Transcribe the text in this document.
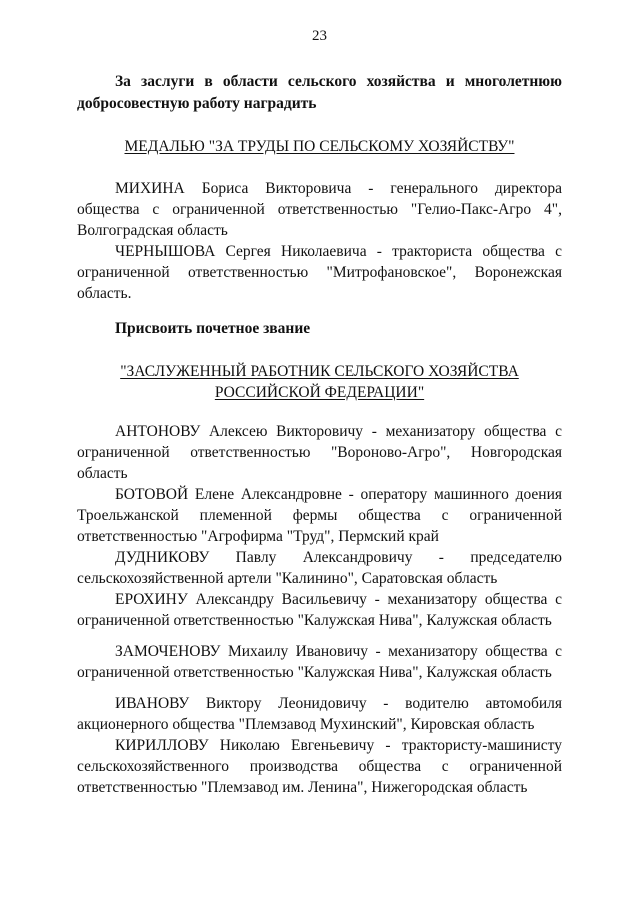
23
За заслуги в области сельского хозяйства и многолетнюю добросовестную работу наградить
МЕДАЛЬЮ "ЗА ТРУДЫ ПО СЕЛЬСКОМУ ХОЗЯЙСТВУ"

МИХИНА Бориса Викторовича - генерального директора общества с ограниченной ответственностью "Гелио-Пакс-Агро 4", Волгоградская область

ЧЕРНЫШОВА Сергея Николаевича - тракториста общества с ограниченной ответственностью "Митрофановское", Воронежская область.

Присвоить почетное звание
"ЗАСЛУЖЕННЫЙ РАБОТНИК СЕЛЬСКОГО ХОЗЯЙСТВА
РОССИЙСКОЙ ФЕДЕРАЦИИ"

АНТОНОВУ Алексею Викторовичу - механизатору общества с ограниченной ответственностью "Вороново-Агро", Новгородская область

БОТОВОЙ Елене Александровне - оператору машинного доения Троельжанской племенной фермы общества с ограниченной ответственностью "Агрофирма "Труд", Пермский край

ДУДНИКОВУ Павлу Александровичу - председателю сельскохозяйственной артели "Калинино", Саратовская область

ЕРОХИНУ Александру Васильевичу - механизатору общества с ограниченной ответственностью "Калужская Нива", Калужская область

ЗАМОЧЕНОВУ Михаилу Ивановичу - механизатору общества с ограниченной ответственностью "Калужская Нива", Калужская область

ИВАНОВУ Виктору Леонидовичу - водителю автомобиля акционерного общества "Племзавод Мухинский", Кировская область

КИРИЛЛОВУ Николаю Евгеньевичу - трактористу-машинисту сельскохозяйственного производства общества с ограниченной ответственностью "Племзавод им. Ленина", Нижегородская область
